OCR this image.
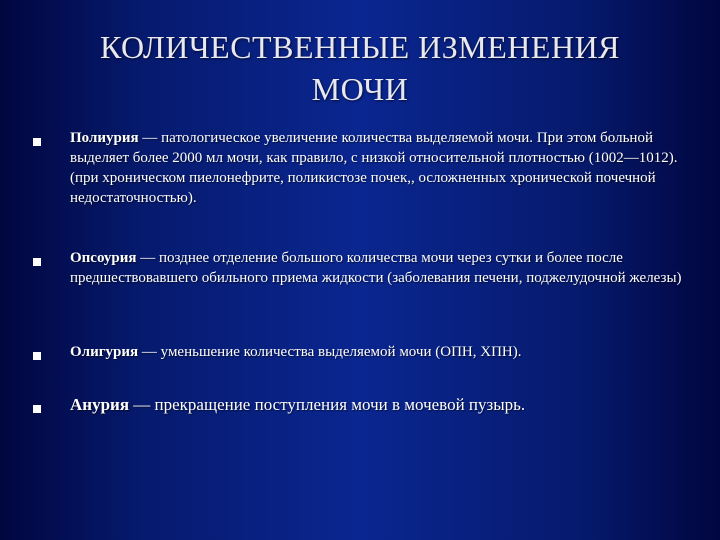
КОЛИЧЕСТВЕННЫЕ ИЗМЕНЕНИЯ
МОЧИ
Полиурия — патологическое увеличение количества выделяемой мочи. При этом больной выделяет более 2000 мл мочи, как правило, с низкой относительной плотностью (1002—1012). (при хроническом пиелонефрите, поликистозе почек,, осложненных хронической почечной недостаточностью).
Опсоурия — позднее отделение большого количества мочи через сутки и более после предшествовавшего обильного приема жидкости (заболевания печени, поджелудочной железы)
Олигурия — уменьшение количества выделяемой мочи (ОПН, ХПН).
Анурия — прекращение поступления мочи в мочевой пузырь.
